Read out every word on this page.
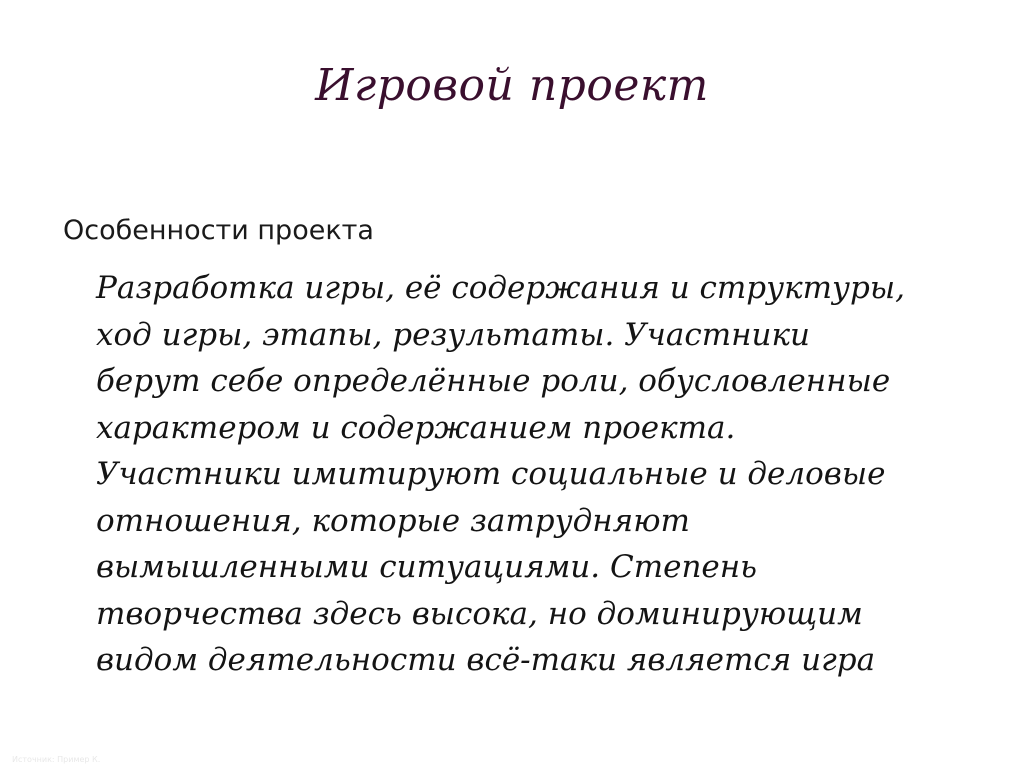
Игровой проект
Особенности проекта

Разработка игры, её содержания и структуры,
ход игры, этапы, результаты. Участники
берут себе определённые роли, обусловленные
характером и содержанием проекта.
Участники имитируют социальные и деловые
отношения, которые затрудняют
вымышленными ситуациями. Степень
творчества здесь высока, но доминирующим
видом деятельности всё-таки является игра

Источник: Пример К.
